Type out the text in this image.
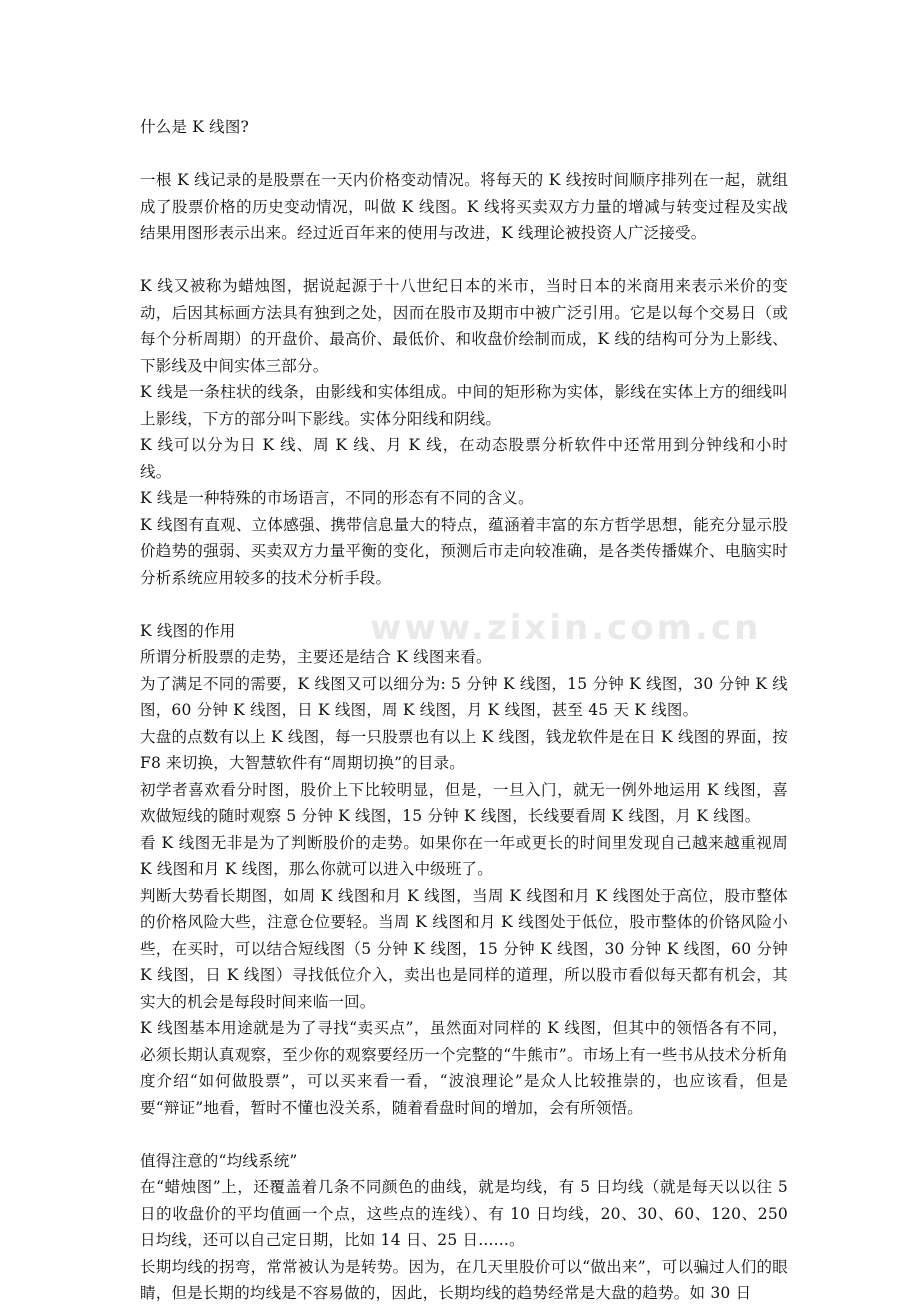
www.zixin.com.cn

什么是 K 线图?

一根 K 线记录的是股票在一天内价格变动情况。将每天的 K 线按时间顺序排列在一起，就组成了股票价格的历史变动情况，叫做 K 线图。K 线将买卖双方力量的增减与转变过程及实战结果用图形表示出来。经过近百年来的使用与改进，K 线理论被投资人广泛接受。

K 线又被称为蜡烛图，据说起源于十八世纪日本的米市，当时日本的米商用来表示米价的变动，后因其标画方法具有独到之处，因而在股市及期市中被广泛引用。它是以每个交易日（或每个分析周期）的开盘价、最高价、最低价、和收盘价绘制而成，K 线的结构可分为上影线、下影线及中间实体三部分。

K 线是一条柱状的线条，由影线和实体组成。中间的矩形称为实体，影线在实体上方的细线叫上影线，下方的部分叫下影线。实体分阳线和阴线。

K 线可以分为日 K 线、周 K 线、月 K 线，在动态股票分析软件中还常用到分钟线和小时线。

K 线是一种特殊的市场语言，不同的形态有不同的含义。

K 线图有直观、立体感强、携带信息量大的特点，蕴涵着丰富的东方哲学思想，能充分显示股价趋势的强弱、买卖双方力量平衡的变化，预测后市走向较准确，是各类传播媒介、电脑实时分析系统应用较多的技术分析手段。

K 线图的作用

所谓分析股票的走势，主要还是结合 K 线图来看。

为了满足不同的需要，K 线图又可以细分为: 5 分钟 K 线图，15 分钟 K 线图，30 分钟 K 线图，60 分钟 K 线图，日 K 线图，周 K 线图，月 K 线图，甚至 45 天 K 线图。

大盘的点数有以上 K 线图，每一只股票也有以上 K 线图，钱龙软件是在日 K 线图的界面，按 F8 来切换，大智慧软件有“周期切换”的目录。

初学者喜欢看分时图，股价上下比较明显，但是，一旦入门，就无一例外地运用 K 线图，喜欢做短线的随时观察 5 分钟 K 线图，15 分钟 K 线图，长线要看周 K 线图，月 K 线图。

看 K 线图无非是为了判断股价的走势。如果你在一年或更长的时间里发现自己越来越重视周 K 线图和月 K 线图，那么你就可以进入中级班了。

判断大势看长期图，如周 K 线图和月 K 线图，当周 K 线图和月 K 线图处于高位，股市整体的价格风险大些，注意仓位要轻。当周 K 线图和月 K 线图处于低位，股市整体的价铬风险小些，在买时，可以结合短线图（5 分钟 K 线图，15 分钟 K 线图，30 分钟 K 线图，60 分钟 K 线图，日 K 线图）寻找低位介入，卖出也是同样的道理，所以股市看似每天都有机会，其实大的机会是每段时间来临一回。

K 线图基本用途就是为了寻找“卖买点”，虽然面对同样的 K 线图，但其中的领悟各有不同，必须长期认真观察，至少你的观察要经历一个完整的“牛熊市”。市场上有一些书从技术分析角度介绍“如何做股票”，可以买来看一看，“波浪理论”是众人比较推崇的，也应该看，但是要“辩证”地看，暂时不懂也没关系，随着看盘时间的增加，会有所领悟。

值得注意的“均线系统”

在“蜡烛图”上，还覆盖着几条不同颜色的曲线，就是均线，有 5 日均线（就是每天以以往 5 日的收盘价的平均值画一个点，这些点的连线）、有 10 日均线，20、30、60、120、250 日均线，还可以自己定日期，比如 14 日、25 日......。

长期均线的拐弯，常常被认为是转势。因为，在几天里股价可以“做出来”，可以骗过人们的眼睛，但是长期的均线是不容易做的，因此，长期均线的趋势经常是大盘的趋势。如 30 日
